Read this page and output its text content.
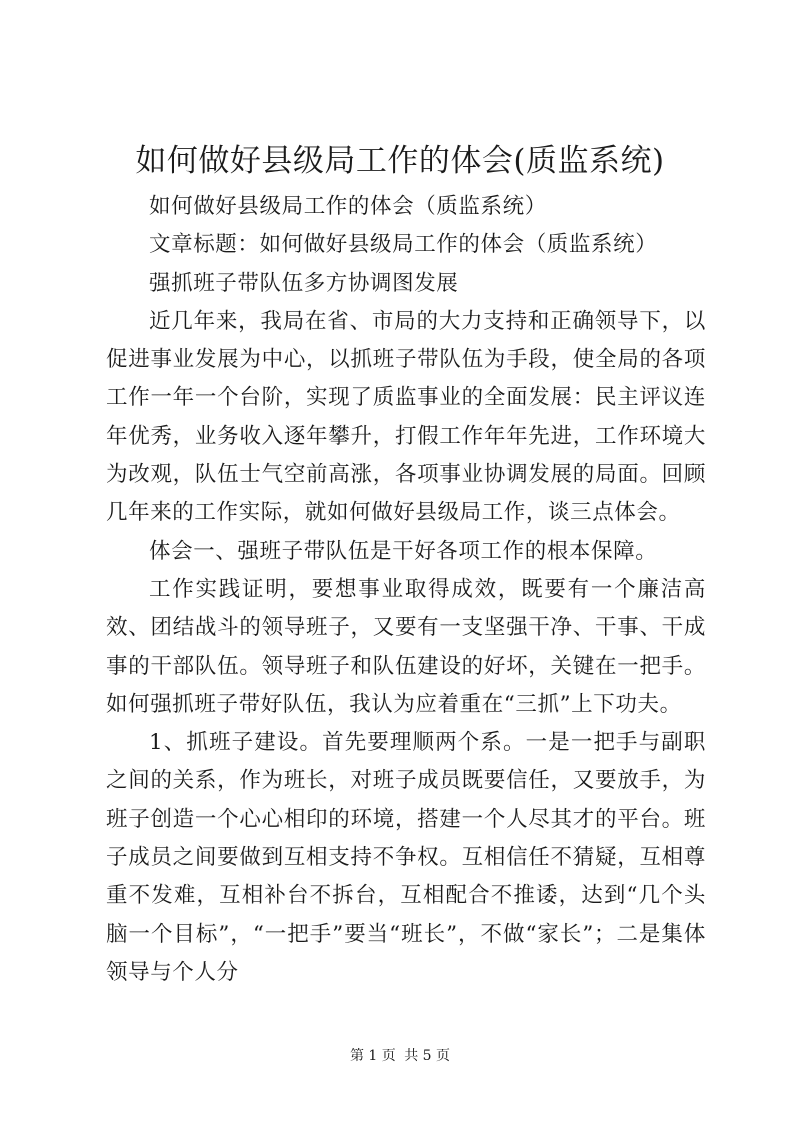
如何做好县级局工作的体会(质监系统)

如何做好县级局工作的体会（质监系统）

文章标题：如何做好县级局工作的体会（质监系统）

强抓班子带队伍多方协调图发展

近几年来，我局在省、市局的大力支持和正确领导下，以促进事业发展为中心，以抓班子带队伍为手段，使全局的各项工作一年一个台阶，实现了质监事业的全面发展：民主评议连年优秀，业务收入逐年攀升，打假工作年年先进，工作环境大为改观，队伍士气空前高涨，各项事业协调发展的局面。回顾几年来的工作实际，就如何做好县级局工作，谈三点体会。

体会一、强班子带队伍是干好各项工作的根本保障。

工作实践证明，要想事业取得成效，既要有一个廉洁高效、团结战斗的领导班子，又要有一支坚强干净、干事、干成事的干部队伍。领导班子和队伍建设的好坏，关键在一把手。如何强抓班子带好队伍，我认为应着重在“三抓”上下功夫。

1、抓班子建设。首先要理顺两个系。一是一把手与副职之间的关系，作为班长，对班子成员既要信任，又要放手，为班子创造一个心心相印的环境，搭建一个人尽其才的平台。班子成员之间要做到互相支持不争权。互相信任不猜疑，互相尊重不发难，互相补台不拆台，互相配合不推诿，达到“几个头脑一个目标”，“一把手”要当“班长”，不做“家长”；二是集体领导与个人分

第 1 页 共 5 页
